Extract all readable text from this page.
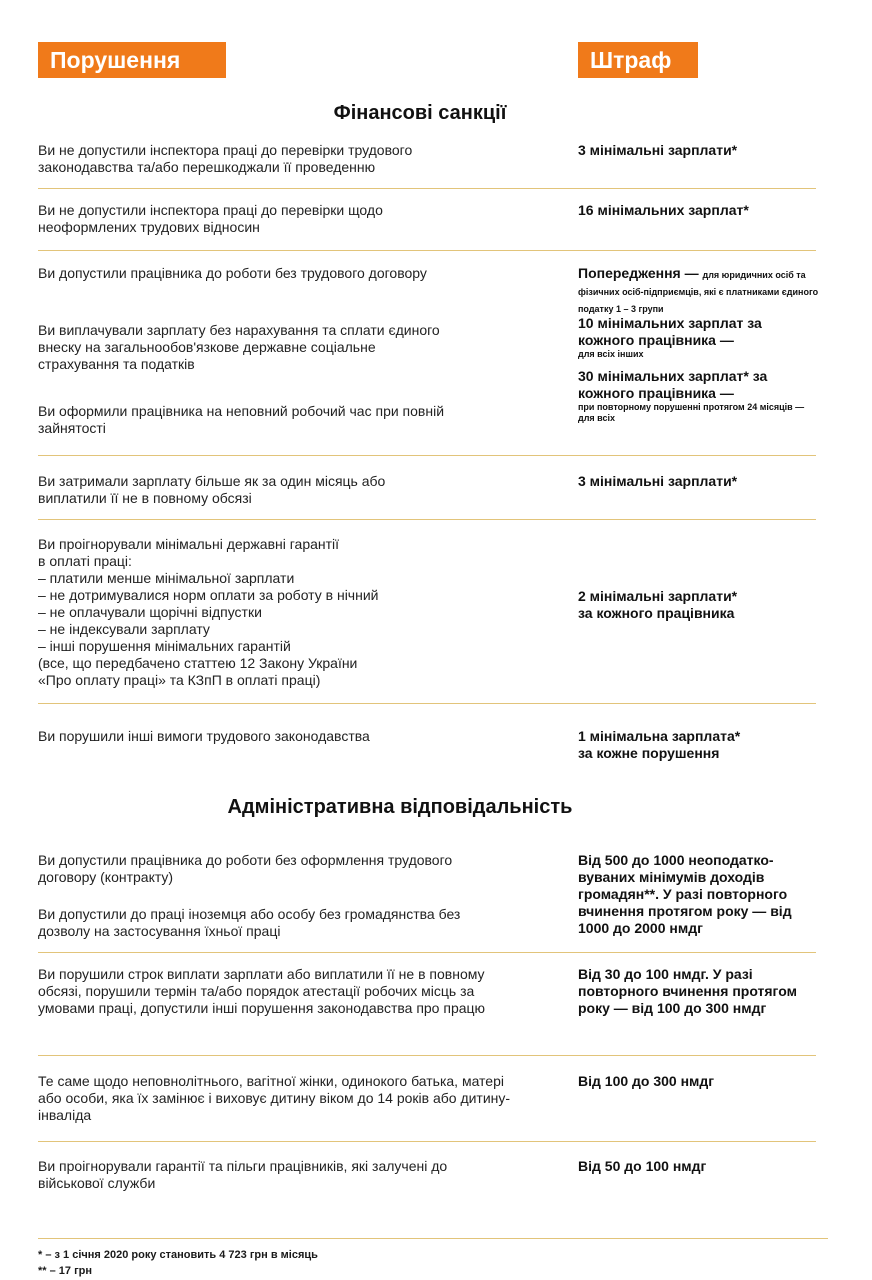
Порушення	Штраф
Фінансові санкції
Ви не допустили інспектора праці до перевірки трудового законодавства та/або перешкоджали її проведенню
3 мінімальні зарплати*
Ви не допустили інспектора праці до перевірки щодо неоформлених трудових відносин
16 мінімальних зарплат*
Ви допустили працівника до роботи без трудового договору
Ви виплачували зарплату без нарахування та сплати єдиного внеску на загальнообов'язкове державне соціальне страхування та податків
Ви оформили працівника на неповний робочий час при повній зайнятості
Попередження — для юридичних осіб та фізичних осіб-підприємців, які є платниками єдиного податку 1 – 3 групи
10 мінімальних зарплат за кожного працівника —
для всіх інших
30 мінімальних зарплат* за кожного працівника —
при повторному порушенні протягом 24 місяців — для всіх
Ви затримали зарплату більше як за один місяць або виплатили її не в повному обсязі
3 мінімальні зарплати*
Ви проігнорували мінімальні державні гарантії
в оплаті праці:
– платили менше мінімальної зарплати
– не дотримувалися норм оплати за роботу в нічний
– не оплачували щорічні відпустки
– не індексували зарплату
– інші порушення мінімальних гарантій
(все, що передбачено статтею 12 Закону України
«Про оплату праці» та КЗпП в оплаті праці)
2 мінімальні зарплати*
за кожного працівника
Ви порушили інші вимоги трудового законодавства	1 мінімальна зарплата*
за кожне порушення
Адміністративна відповідальність
Ви допустили працівника до роботи без оформлення трудового договору (контракту)
Ви допустили до праці іноземця або особу без громадянства без дозволу на застосування їхньої праці
Від 500 до 1000 неоподатко-вуваних мінімумів доходів громадян**. У разі повторного вчинення протягом року — від 1000 до 2000 нмдг
Ви порушили строк виплати зарплати або виплатили її не в повному обсязі, порушили термін та/або порядок атестації робочих місць за умовами праці, допустили інші порушення законодавства про працю
Від 30 до 100 нмдг. У разі повторного вчинення протягом року — від 100 до 300 нмдг
Те саме щодо неповнолітнього, вагітної жінки, одинокого батька, матері або особи, яка їх замінює і виховує дитину віком до 14 років або дитину-інваліда
Від 100 до 300 нмдг
Ви проігнорували гарантії та пільги працівників, які залучені до військової служби
Від 50 до 100 нмдг
* – з 1 січня 2020 року становить 4 723 грн в місяць
** – 17 грн
